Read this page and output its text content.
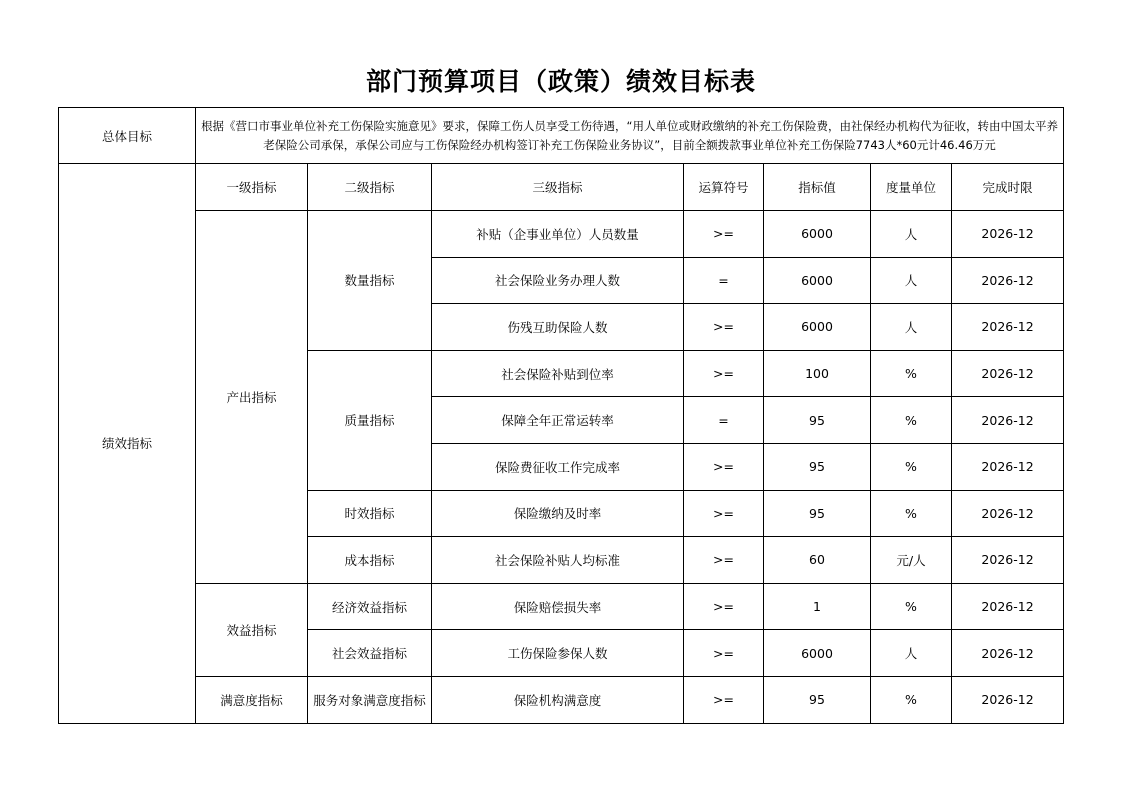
部门预算项目（政策）绩效目标表
总体目标	根据《营口市事业单位补充工伤保险实施意见》要求，保障工伤人员享受工伤待遇，“用人单位或财政缴纳的补充工伤保险费，由社保经办机构代为征收，转由中国太平养老保险公司承保，承保公司应与工伤保险经办机构签订补充工伤保险业务协议”，目前全额拨款事业单位补充工伤保险7743人*60元计46.46万元						
绩效指标	一级指标	二级指标	三级指标	运算符号	指标值	度量单位	完成时限
	产出指标	数量指标	补贴（企事业单位）人员数量	>=	6000	人	2026-12
			社会保险业务办理人数	=	6000	人	2026-12
			伤残互助保险人数	>=	6000	人	2026-12
		质量指标	社会保险补贴到位率	>=	100	%	2026-12
			保障全年正常运转率	=	95	%	2026-12
			保险费征收工作完成率	>=	95	%	2026-12
		时效指标	保险缴纳及时率	>=	95	%	2026-12
		成本指标	社会保险补贴人均标准	>=	60	元/人	2026-12
	效益指标	经济效益指标	保险赔偿损失率	>=	1	%	2026-12
		社会效益指标	工伤保险参保人数	>=	6000	人	2026-12
	满意度指标	服务对象满意度指标	保险机构满意度	>=	95	%	2026-12
